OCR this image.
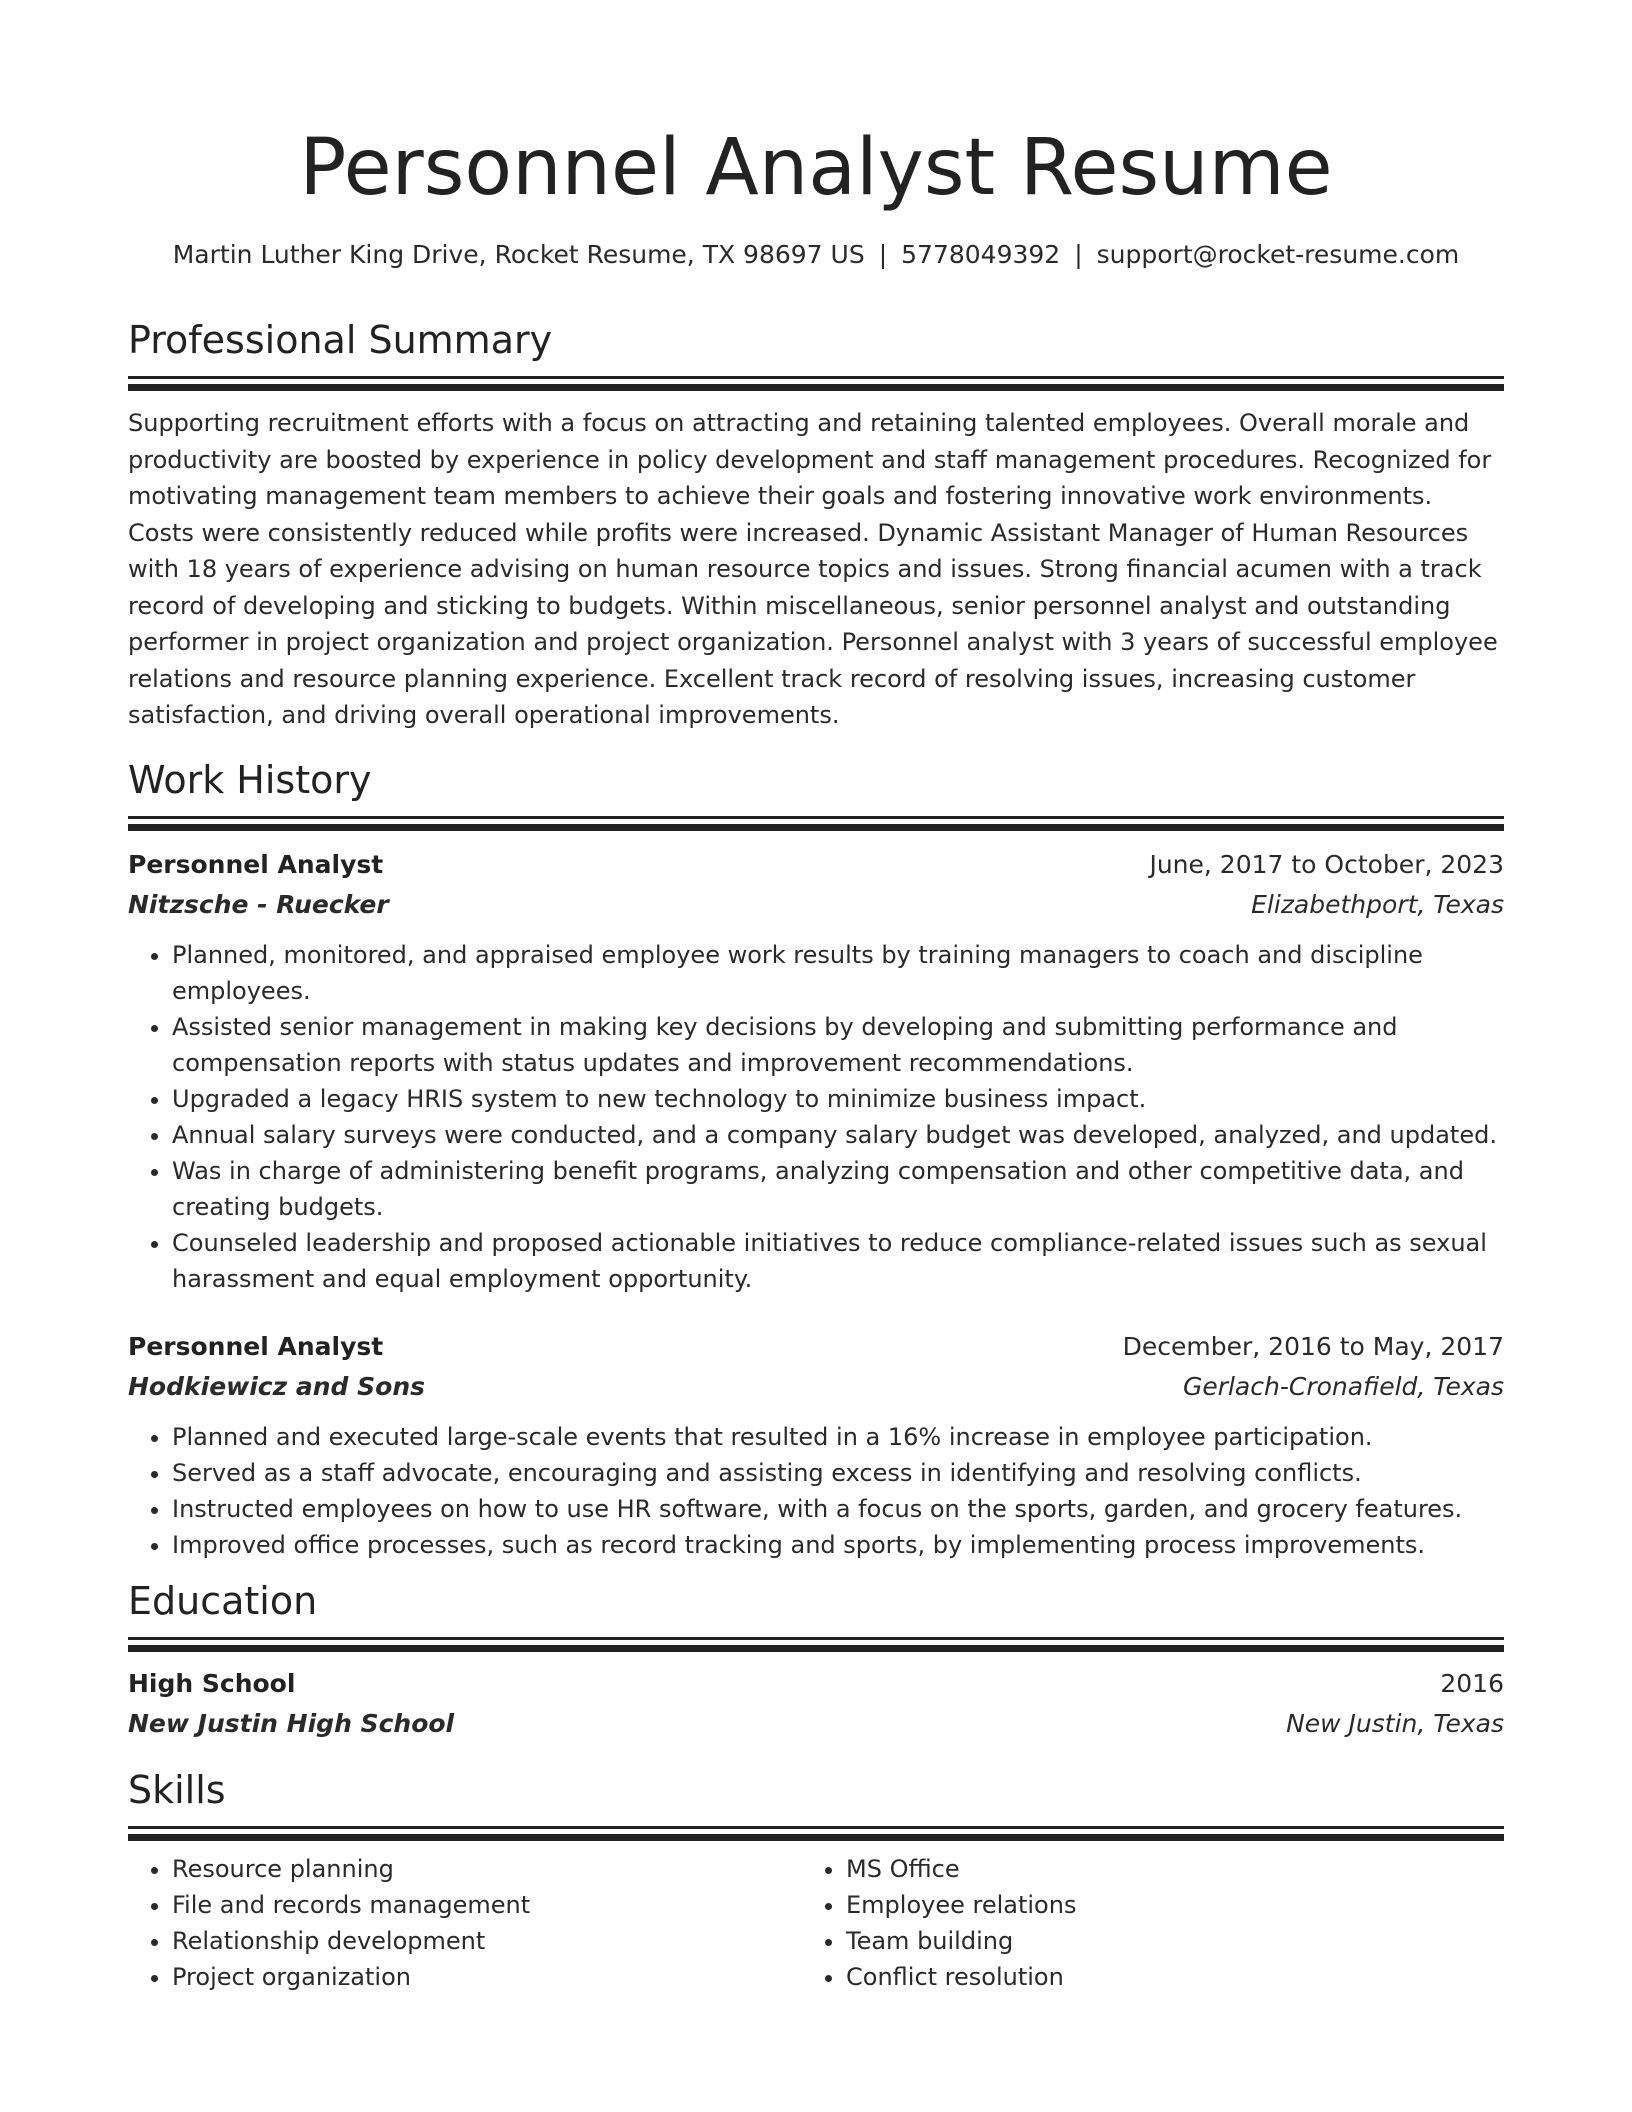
Personnel Analyst Resume
Martin Luther King Drive, Rocket Resume, TX 98697 US | 5778049392 | support@rocket-resume.com
Professional Summary
Supporting recruitment efforts with a focus on attracting and retaining talented employees. Overall morale and productivity are boosted by experience in policy development and staff management procedures. Recognized for motivating management team members to achieve their goals and fostering innovative work environments. Costs were consistently reduced while profits were increased. Dynamic Assistant Manager of Human Resources with 18 years of experience advising on human resource topics and issues. Strong financial acumen with a track record of developing and sticking to budgets. Within miscellaneous, senior personnel analyst and outstanding performer in project organization and project organization. Personnel analyst with 3 years of successful employee relations and resource planning experience. Excellent track record of resolving issues, increasing customer satisfaction, and driving overall operational improvements.
Work History
Personnel Analyst	June, 2017 to October, 2023
Nitzsche - Ruecker	Elizabethport, Texas
• Planned, monitored, and appraised employee work results by training managers to coach and discipline employees.
• Assisted senior management in making key decisions by developing and submitting performance and compensation reports with status updates and improvement recommendations.
• Upgraded a legacy HRIS system to new technology to minimize business impact.
• Annual salary surveys were conducted, and a company salary budget was developed, analyzed, and updated.
• Was in charge of administering benefit programs, analyzing compensation and other competitive data, and creating budgets.
• Counseled leadership and proposed actionable initiatives to reduce compliance-related issues such as sexual harassment and equal employment opportunity.
Personnel Analyst	December, 2016 to May, 2017
Hodkiewicz and Sons	Gerlach-Cronafield, Texas
• Planned and executed large-scale events that resulted in a 16% increase in employee participation.
• Served as a staff advocate, encouraging and assisting excess in identifying and resolving conflicts.
• Instructed employees on how to use HR software, with a focus on the sports, garden, and grocery features.
• Improved office processes, such as record tracking and sports, by implementing process improvements.
Education
High School	2016
New Justin High School	New Justin, Texas
Skills
• Resource planning
• File and records management
• Relationship development
• Project organization
• MS Office
• Employee relations
• Team building
• Conflict resolution
